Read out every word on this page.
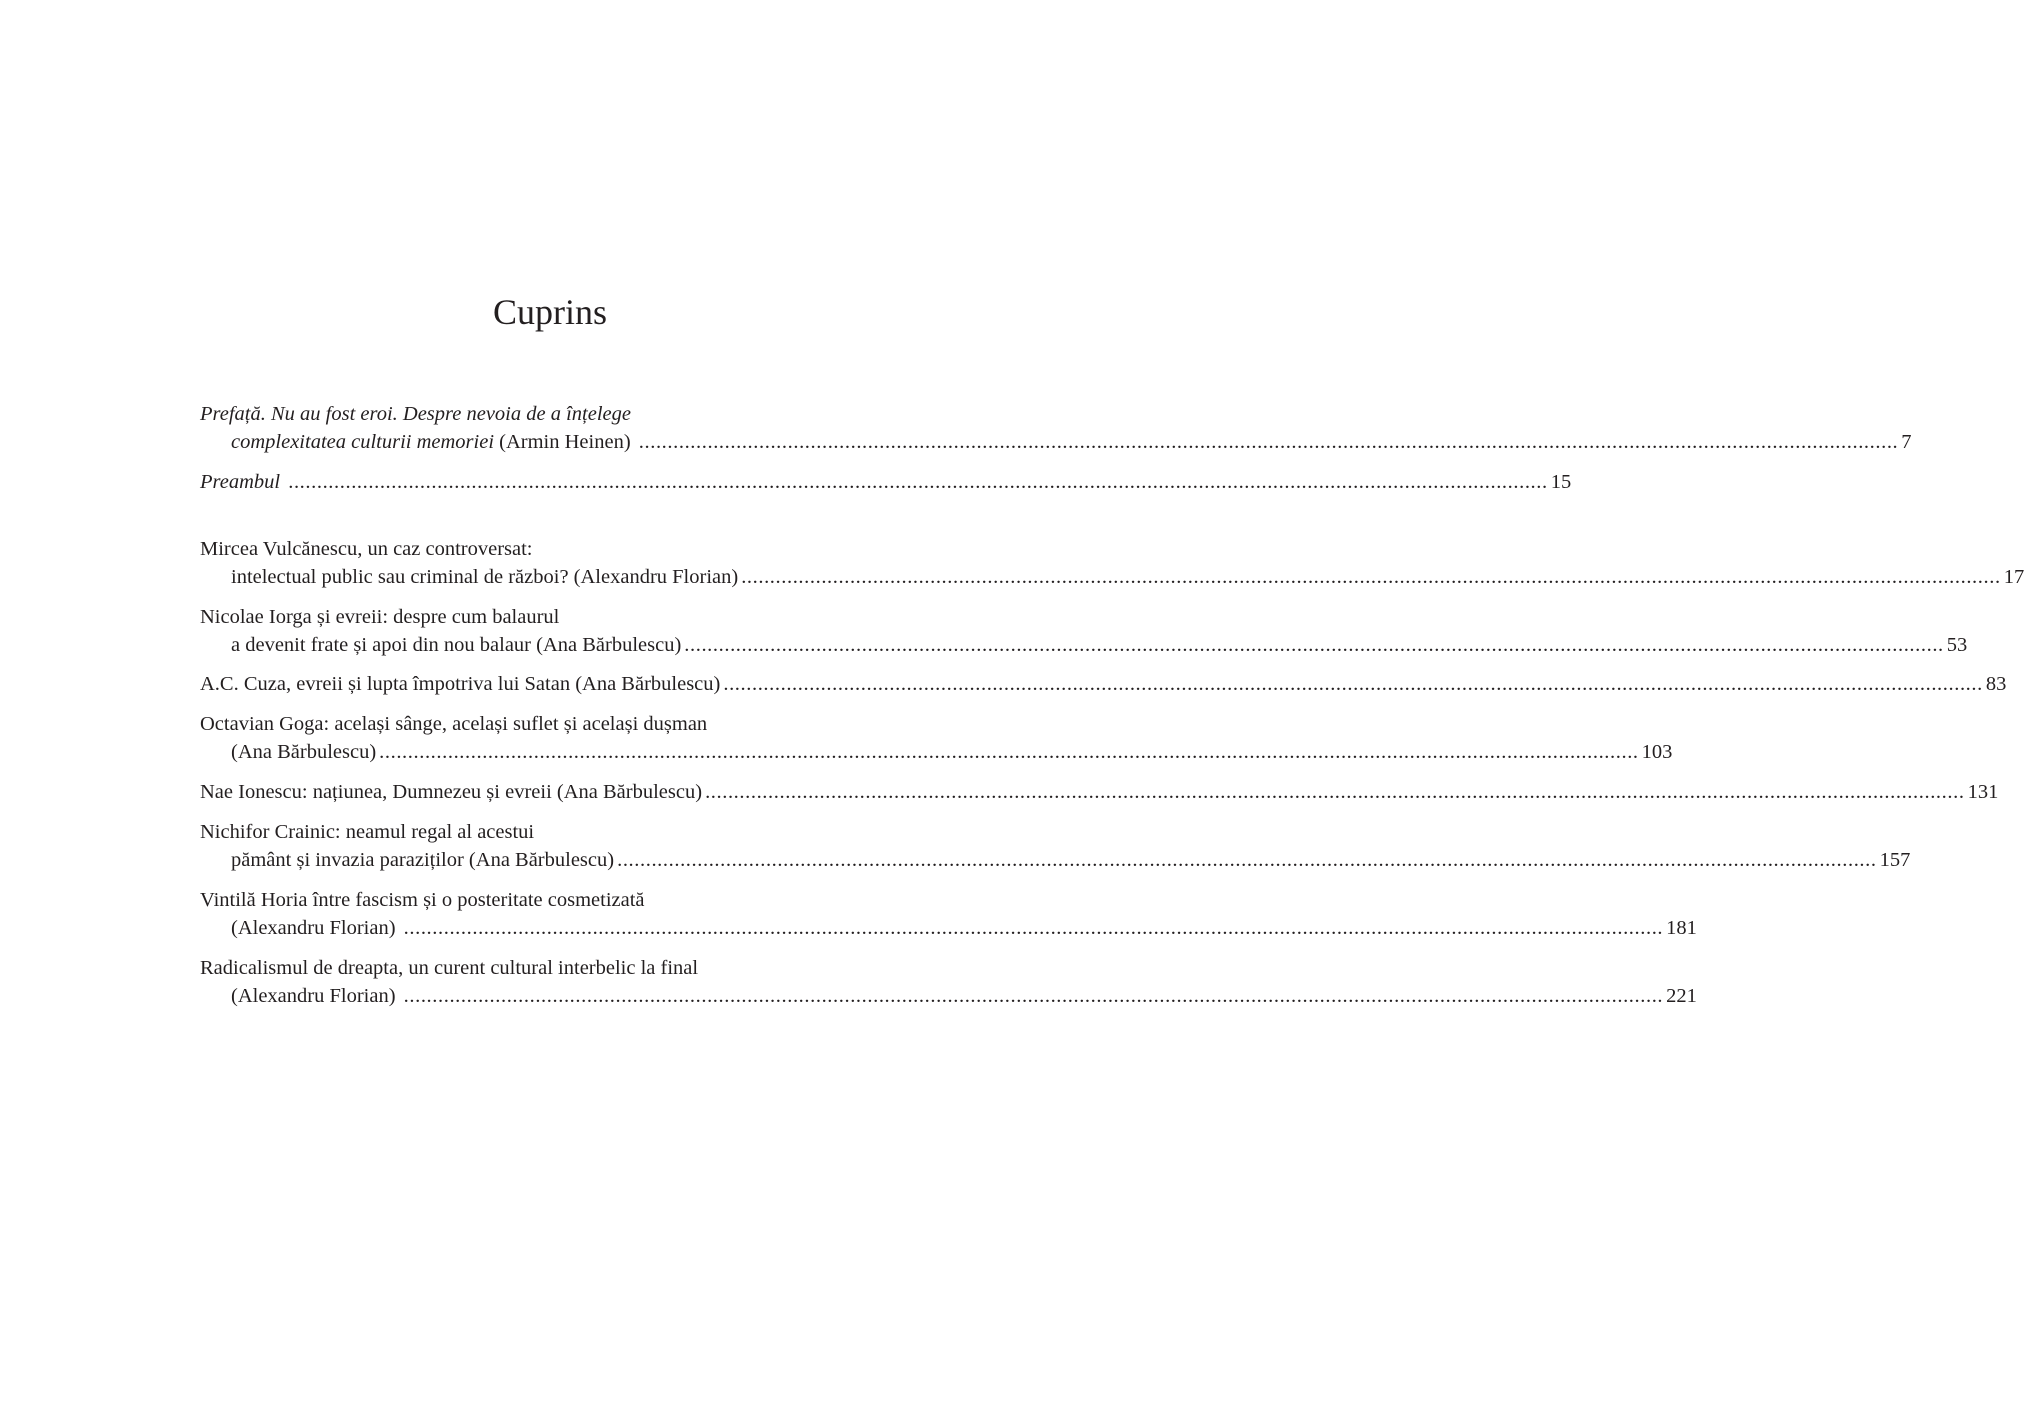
Cuprins
Prefață. Nu au fost eroi. Despre nevoia de a înțelege
complexitatea culturii memoriei (Armin Heinen) ............................................................................................................................................................................................................................ 7
Preambul
............................................................................................................................................................................................................................ 15
Mircea Vulcănescu, un caz controversat:
intelectual public sau criminal de război? (Alexandru Florian) ............................................................................................................................................................................................................................ 17
Nicolae Iorga și evreii: despre cum balaurul
a devenit frate și apoi din nou balaur (Ana Bărbulescu) ............................................................................................................................................................................................................................ 53
A.C. Cuza, evreii și lupta împotriva lui Satan (Ana Bărbulescu) ............................................................................................................................................................................................................................ 83
Octavian Goga: același sânge, același suflet și același dușman
(Ana Bărbulescu) ............................................................................................................................................................................................................................ 103
Nae Ionescu: națiunea, Dumnezeu și evreii (Ana Bărbulescu) ............................................................................................................................................................................................................................ 131
Nichifor Crainic: neamul regal al acestui
pământ și invazia paraziților (Ana Bărbulescu) ............................................................................................................................................................................................................................ 157
Vintilă Horia între fascism și o posteritate cosmetizată
(Alexandru Florian) ............................................................................................................................................................................................................................ 181
Radicalismul de dreapta, un curent cultural interbelic la final
(Alexandru Florian) ............................................................................................................................................................................................................................ 221
